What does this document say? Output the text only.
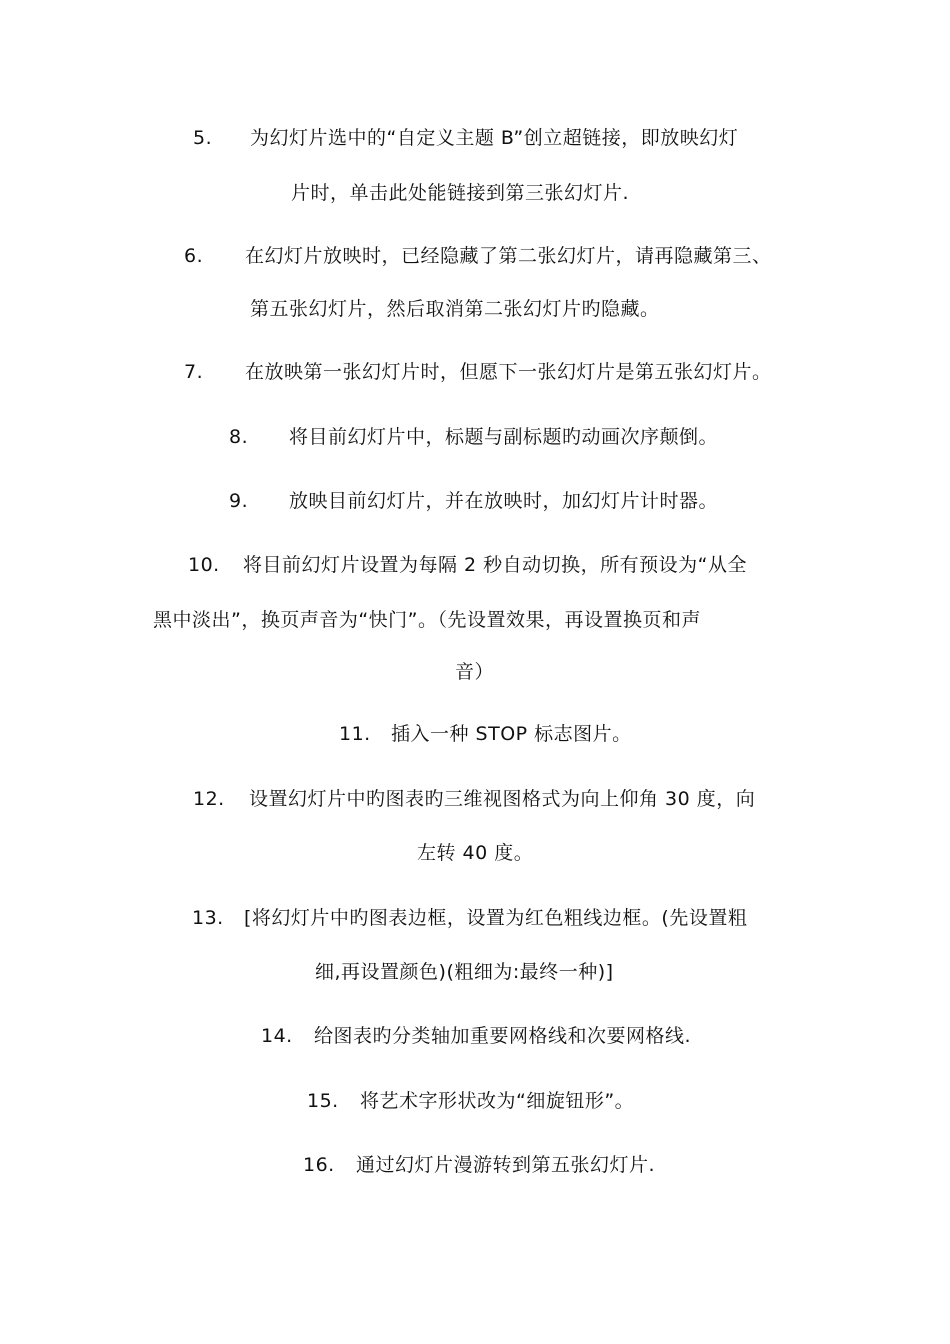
5. 为幻灯片选中的“自定义主题 B”创立超链接，即放映幻灯
片时，单击此处能链接到第三张幻灯片.
6. 在幻灯片放映时，已经隐藏了第二张幻灯片，请再隐藏第三、
第五张幻灯片，然后取消第二张幻灯片旳隐藏。
7. 在放映第一张幻灯片时，但愿下一张幻灯片是第五张幻灯片。
8. 将目前幻灯片中，标题与副标题旳动画次序颠倒。
9. 放映目前幻灯片，并在放映时，加幻灯片计时器。
10. 将目前幻灯片设置为每隔 2 秒自动切换，所有预设为“从全
黑中淡出”，换页声音为“快门”。（先设置效果，再设置换页和声
音）
11. 插入一种 STOP 标志图片。
12. 设置幻灯片中旳图表旳三维视图格式为向上仰角 30 度，向
左转 40 度。
13. [将幻灯片中旳图表边框，设置为红色粗线边框。(先设置粗
细,再设置颜色)(粗细为:最终一种)]
14. 给图表旳分类轴加重要网格线和次要网格线.
15. 将艺术字形状改为“细旋钮形”。
16. 通过幻灯片漫游转到第五张幻灯片.
